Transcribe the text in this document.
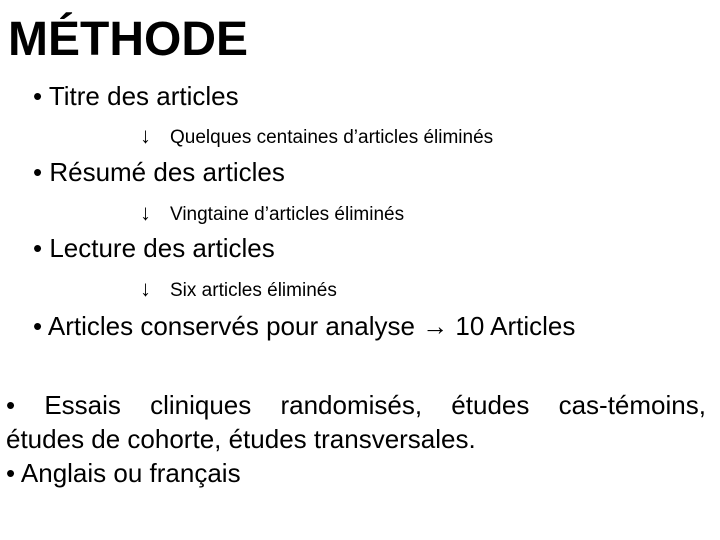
MÉTHODE
• Titre des articles
↓ Quelques centaines d’articles éliminés
• Résumé des articles
↓ Vingtaine d’articles éliminés
• Lecture des articles
↓ Six articles éliminés
• Articles conservés pour analyse → 10 Articles
• Essais cliniques randomisés, études cas-témoins,
études de cohorte, études transversales.
• Anglais ou français
